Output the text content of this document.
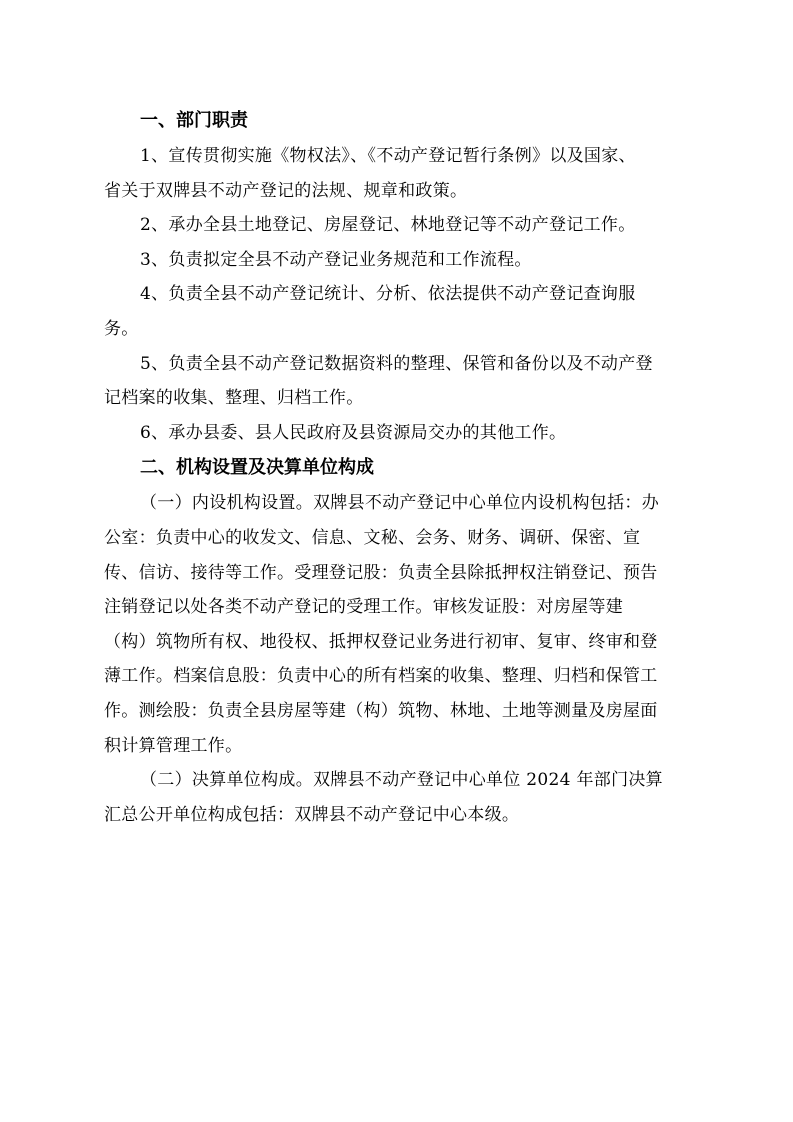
一、部门职责

1、宣传贯彻实施《物权法》、《不动产登记暂行条例》以及国家、
省关于双牌县不动产登记的法规、规章和政策。

2、承办全县土地登记、房屋登记、林地登记等不动产登记工作。

3、负责拟定全县不动产登记业务规范和工作流程。

4、负责全县不动产登记统计、分析、依法提供不动产登记查询服
务。

5、负责全县不动产登记数据资料的整理、保管和备份以及不动产登
记档案的收集、整理、归档工作。

6、承办县委、县人民政府及县资源局交办的其他工作。

二、机构设置及决算单位构成

（一）内设机构设置。双牌县不动产登记中心单位内设机构包括：办
公室：负责中心的收发文、信息、文秘、会务、财务、调研、保密、宣
传、信访、接待等工作。受理登记股：负责全县除抵押权注销登记、预告
注销登记以处各类不动产登记的受理工作。审核发证股：对房屋等建
（构）筑物所有权、地役权、抵押权登记业务进行初审、复审、终审和登
薄工作。档案信息股：负责中心的所有档案的收集、整理、归档和保管工
作。测绘股：负责全县房屋等建（构）筑物、林地、土地等测量及房屋面
积计算管理工作。

（二）决算单位构成。双牌县不动产登记中心单位 2024 年部门决算
汇总公开单位构成包括：双牌县不动产登记中心本级。
